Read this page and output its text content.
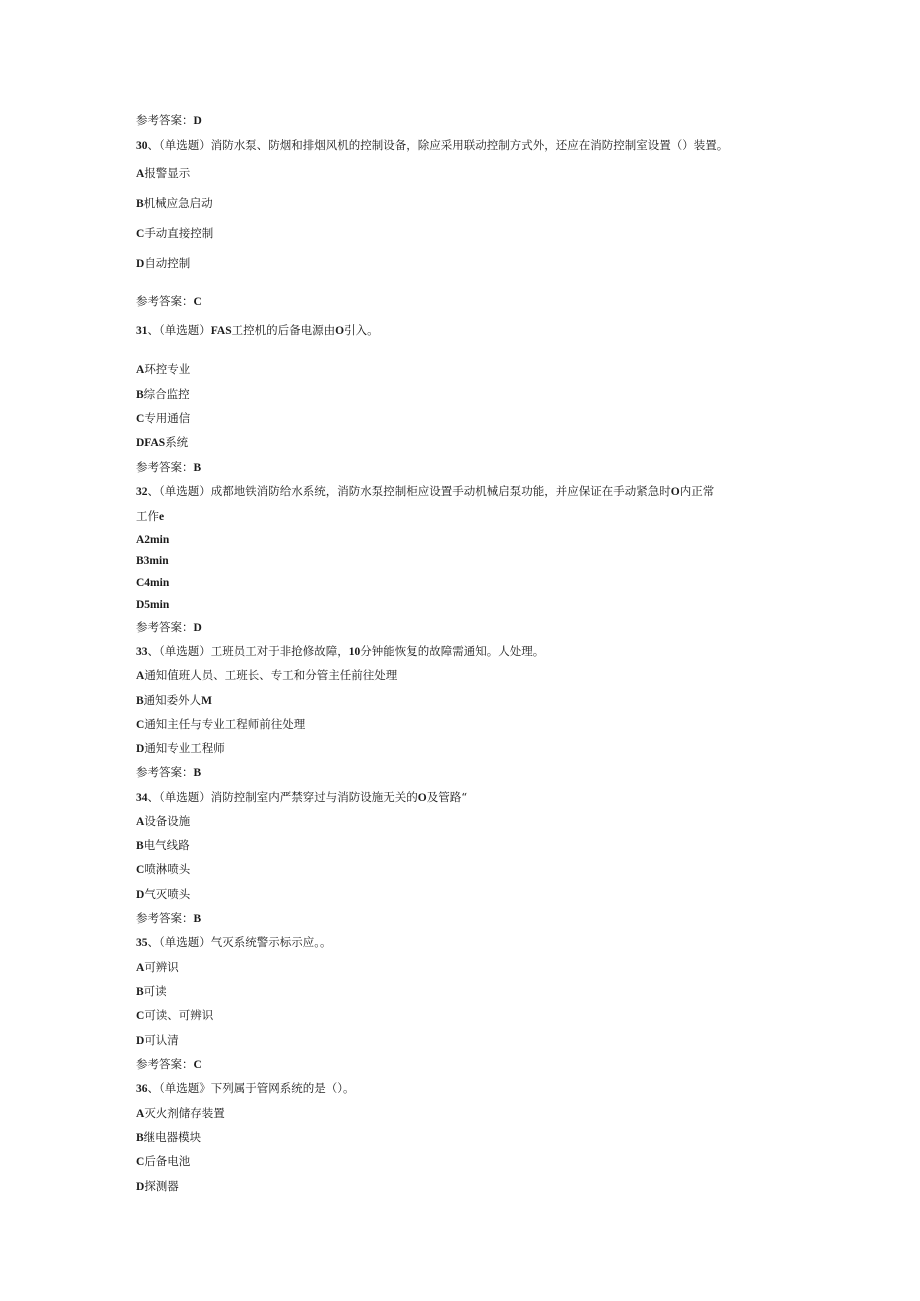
参考答案：D
30、（单选题）消防水泵、防烟和排烟风机的控制设备，除应采用联动控制方式外，还应在消防控制室设置（）装置。
A报警显示
B机械应急启动
C手动直接控制
D自动控制
参考答案：C
31、（单选题）FAS工控机的后备电源由O引入。
A环控专业
B综合监控
C专用通信
DFAS系统
参考答案：B
32、（单选题）成都地铁消防给水系统，消防水泵控制柜应设置手动机械启泵功能，并应保证在手动紧急时O内正常
工作e
A2min
B3min
C4min
D5min
参考答案：D
33、（单选题）工班员工对于非抢修故障，10分钟能恢复的故障需通知。人处理。
A通知值班人员、工班长、专工和分管主任前往处理
B通知委外人M
C通知主任与专业工程师前往处理
D通知专业工程师
参考答案：B
34、（单选题）消防控制室内严禁穿过与消防设施无关的O及管路“
A设备设施
B电气线路
C喷淋喷头
D气灭喷头
参考答案：B
35、（单选题）气灭系统警示标示应。。
A可辨识
B可读
C可读、可辨识
D可认清
参考答案：C
36、（单选题》下列属于管网系统的是（）。
A灭火剂储存装置
B继电器模块
C后备电池
D探测器
